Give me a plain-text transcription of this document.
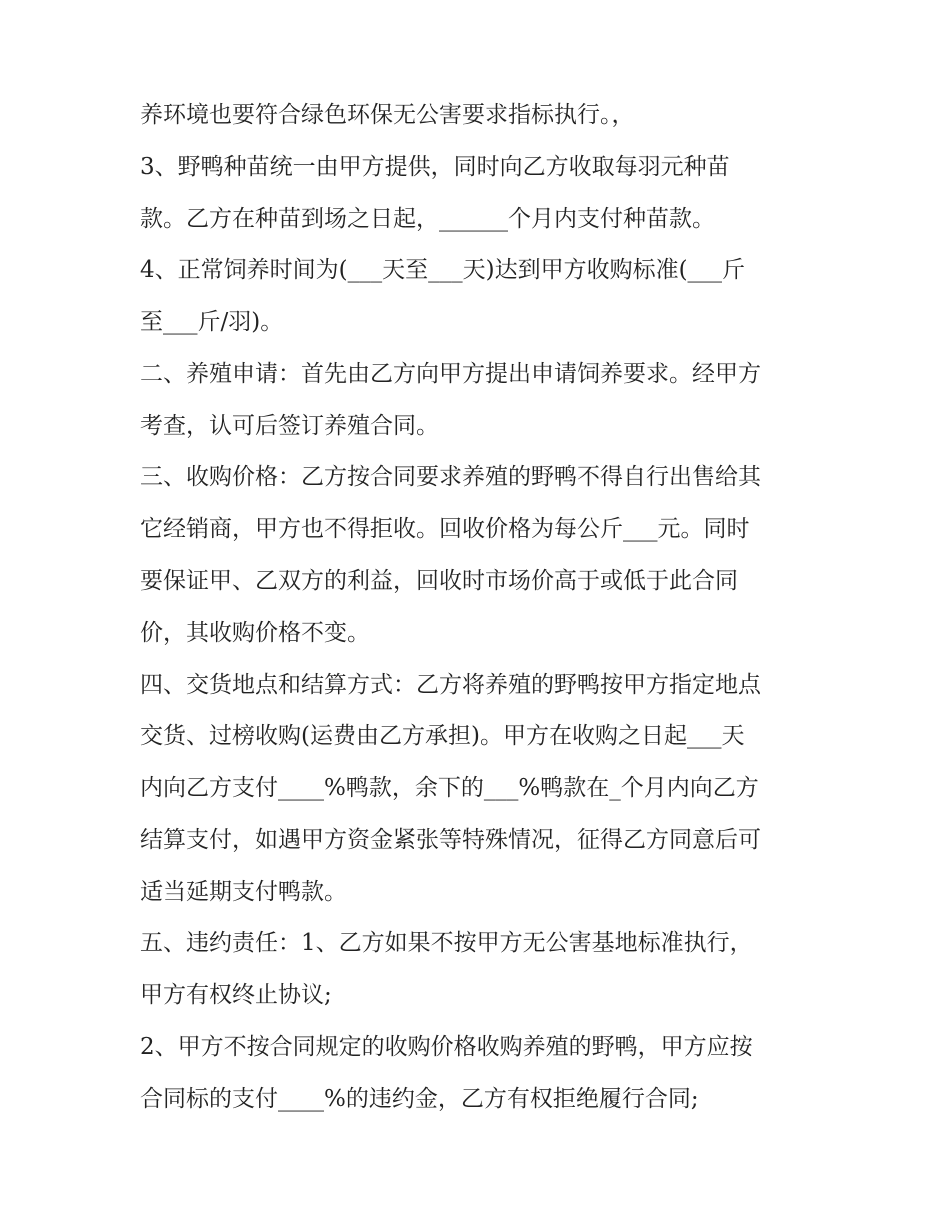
养环境也要符合绿色环保无公害要求指标执行。，
3、野鸭种苗统一由甲方提供，同时向乙方收取每羽元种苗
款。乙方在种苗到场之日起，______个月内支付种苗款。
4、正常饲养时间为(___天至___天)达到甲方收购标准(___斤
至___斤/羽)。
二、养殖申请：首先由乙方向甲方提出申请饲养要求。经甲方
考查，认可后签订养殖合同。
三、收购价格：乙方按合同要求养殖的野鸭不得自行出售给其
它经销商，甲方也不得拒收。回收价格为每公斤___元。同时
要保证甲、乙双方的利益，回收时市场价高于或低于此合同
价，其收购价格不变。
四、交货地点和结算方式：乙方将养殖的野鸭按甲方指定地点
交货、过榜收购(运费由乙方承担)。甲方在收购之日起___天
内向乙方支付____%鸭款，余下的___%鸭款在_个月内向乙方
结算支付，如遇甲方资金紧张等特殊情况，征得乙方同意后可
适当延期支付鸭款。
五、违约责任：1、乙方如果不按甲方无公害基地标准执行，
甲方有权终止协议;
2、甲方不按合同规定的收购价格收购养殖的野鸭，甲方应按
合同标的支付____%的违约金，乙方有权拒绝履行合同;
